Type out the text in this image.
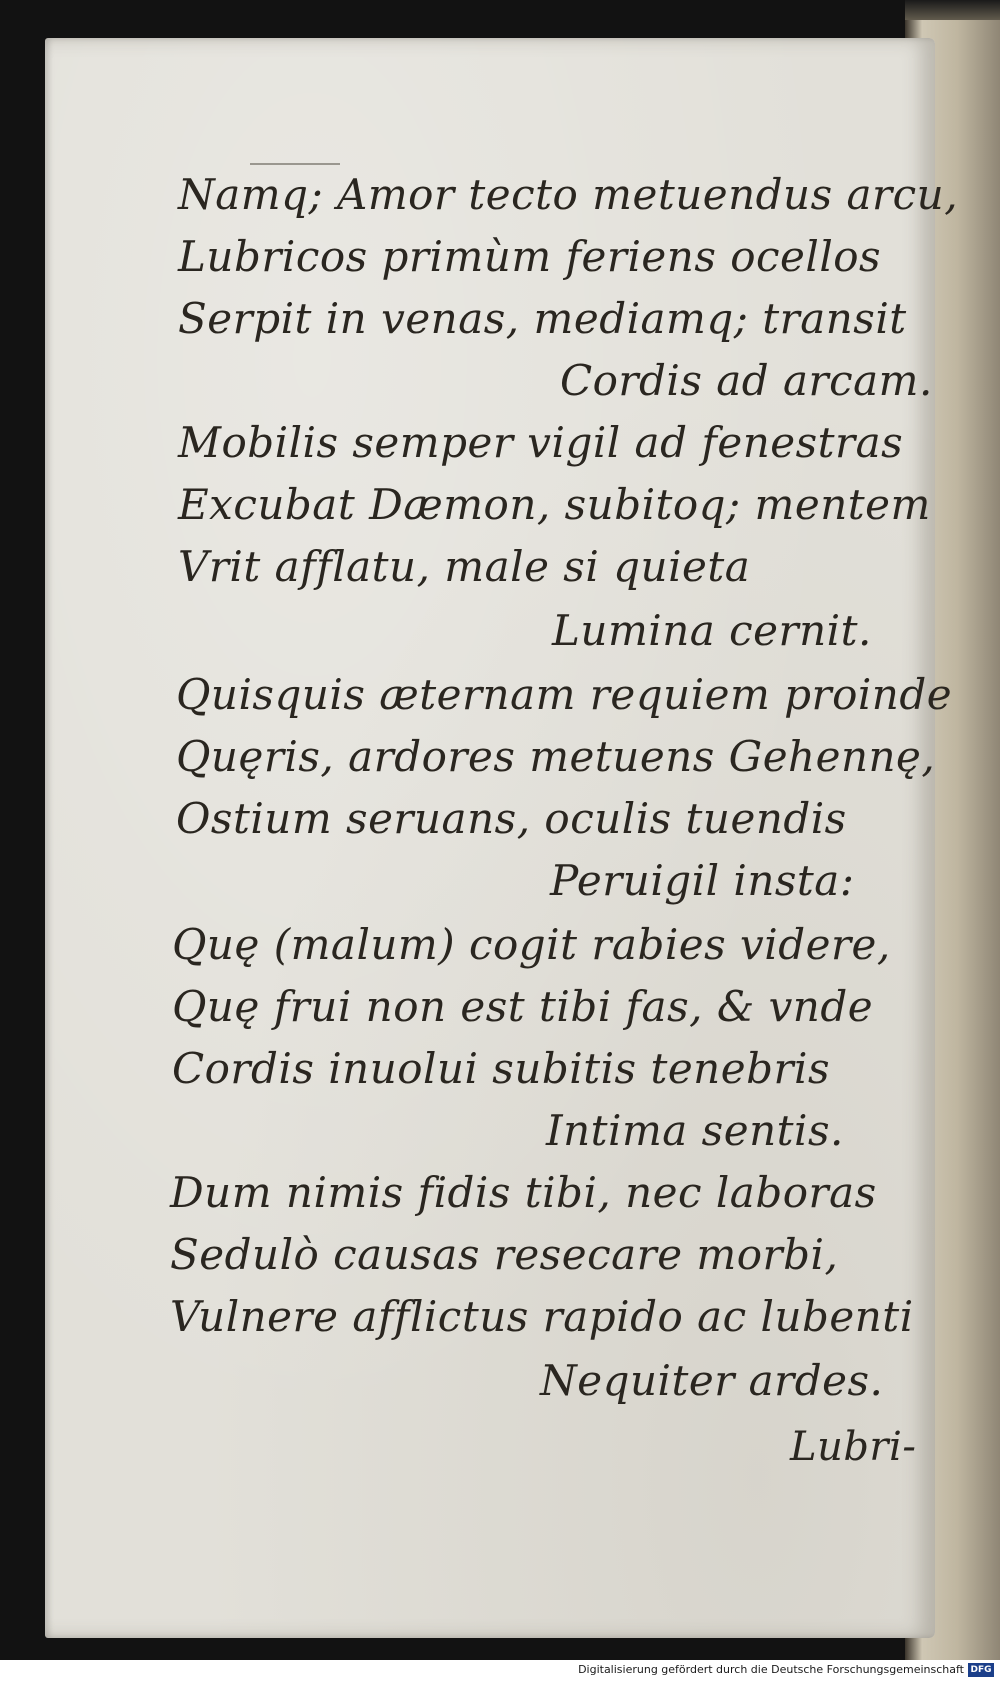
Namq; Amor tecto metuendus arcu,

Lubricos primùm feriens ocellos

Serpit in venas, mediamq; transit

Cordis ad arcam.

Mobilis semper vigil ad fenestras

Excubat Dæmon, subitoq; mentem

Vrit afflatu, male si quieta

Lumina cernit.

Quisquis æternam requiem proinde

Quęris, ardores metuens Gehennę,

Ostium seruans, oculis tuendis

Peruigil insta:

Quę (malum) cogit rabies videre,

Quę frui non est tibi fas, & vnde

Cordis inuolui subitis tenebris

Intima sentis.

Dum nimis fidis tibi, nec laboras

Sedulò causas resecare morbi,

Vulnere afflictus rapido ac lubenti

Nequiter ardes.

Lubri-

Digitalisierung gefördert durch die Deutsche Forschungsgemeinschaft DFG
